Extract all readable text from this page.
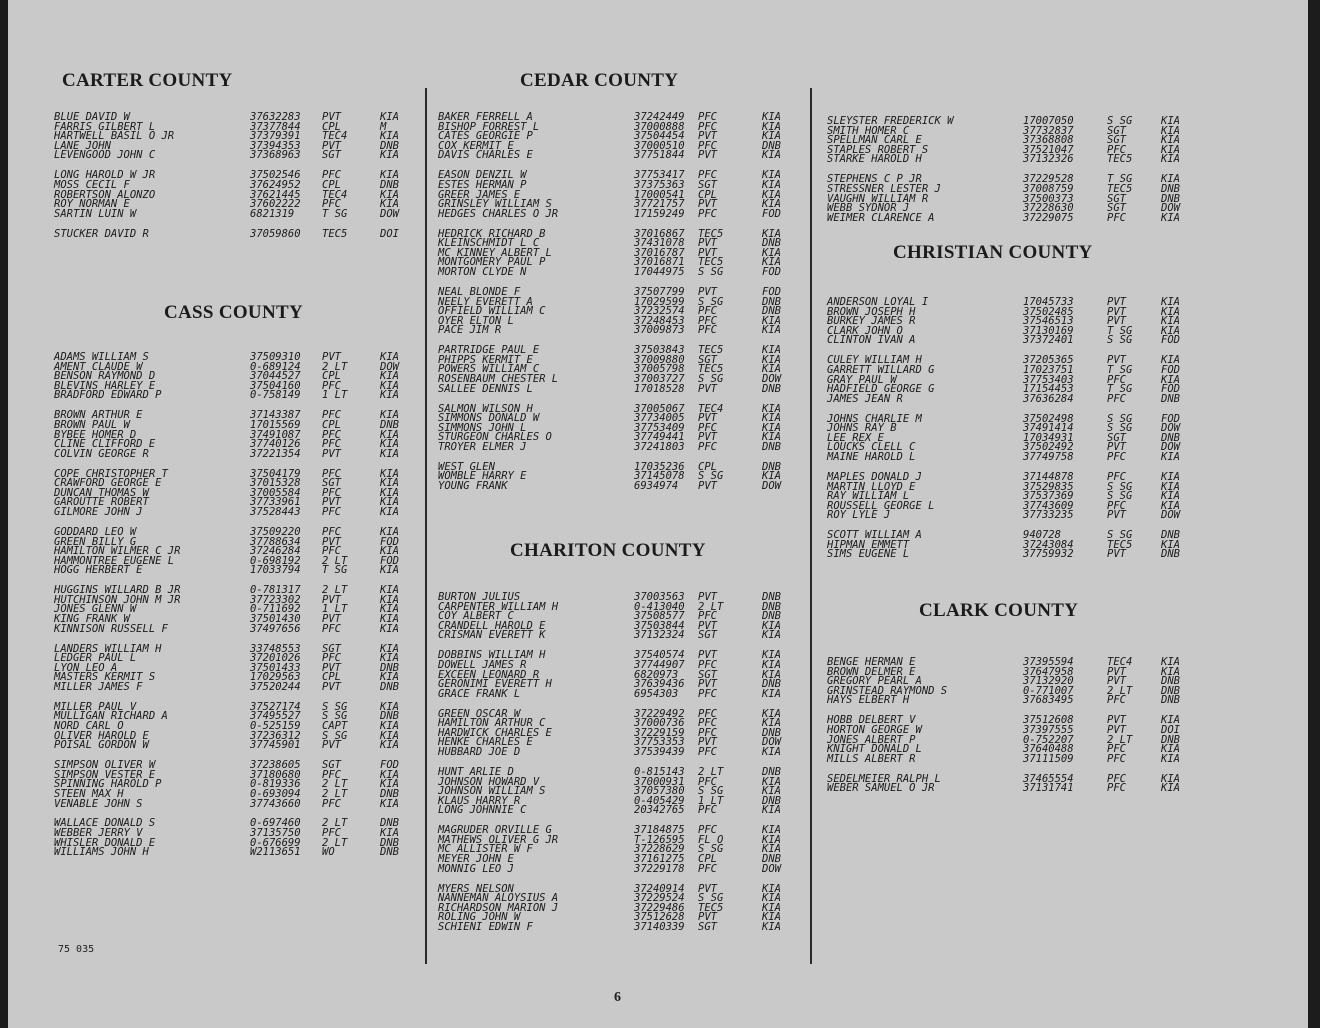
CARTER COUNTY
BLUE DAVID W	37632283 PVT	KIA
FARRIS GILBERT L	37377844 CPL	M
HARTWELL BASIL O JR	37379391 TEC4	KIA
LANE JOHN	37394353 PVT	DNB
LEVENGOOD JOHN C	37368963 SGT	KIA
LONG HAROLD W JR	37502546 PFC	KIA
MOSS CECIL F	37624952 CPL	DNB
ROBERTSON ALONZO	37621445 TEC4	KIA
ROY NORMAN E	37602222 PFC	KIA
SARTIN LUIN W	6821319	T SG	DOW
STUCKER DAVID R	37059860 TEC5	DOI
CASS COUNTY
ADAMS WILLIAM S	37509310 PVT	KIA
AMENT CLAUDE W	0-689124 2 LT	DOW
BENSON RAYMOND D	37044527 CPL	KIA
BLEVINS HARLEY E	37504160 PFC	KIA
BRADFORD EDWARD P	0-758149 1 LT	KIA
BROWN ARTHUR E	37143387 PFC	KIA
BROWN PAUL W	17015569 CPL	DNB
BYBEE HOMER D	37491087 PFC	KIA
CLINE CLIFFORD E	37740126 PFC	KIA
COLVIN GEORGE R	37221354 PVT	KIA
COPE CHRISTOPHER T	37504179 PFC	KIA
CRAWFORD GEORGE E	37015328 SGT	KIA
DUNCAN THOMAS W	37005584 PFC	KIA
GAROUTTE ROBERT	37733961 PVT	KIA
GILMORE JOHN J	37528443 PFC	KIA
GODDARD LEO W	37509220 PFC	KIA
GREEN BILLY G	37788634 PVT	FOD
HAMILTON WILMER C JR	37246284 PFC	KIA
HAMMONTREE EUGENE L	0-698192 2 LT	FOD
HOGG HERBERT E	17033794 T SG	KIA
HUGGINS WILLARD B JR	0-781317 2 LT	KIA
HUTCHINSON JOHN M JR	37723302 PVT	KIA
JONES GLENN W	0-711692 1 LT	KIA
KING FRANK W	37501430 PVT	KIA
KINNISON RUSSELL F	37497656 PFC	KIA
LANDERS WILLIAM H	33748553 SGT	KIA
LEDGER PAUL L	37201026 PFC	KIA
LYON LEO A	37501433 PVT	DNB
MASTERS KERMIT S	17029563 CPL	KIA
MILLER JAMES F	37520244 PVT	DNB
MILLER PAUL V	37527174 S SG	KIA
MULLIGAN RICHARD A	37495527 S SG	DNB
NORD CARL O	0-525159 CAPT	KIA
OLIVER HAROLD E	37236312 S SG	KIA
POISAL GORDON W	37745901 PVT	KIA
SIMPSON OLIVER W	37238605 SGT	FOD
SIMPSON VESTER E	37180680 PFC	KIA
SPINNING HAROLD P	0-819336 2 LT	KIA
STEEN MAX H	0-693094 2 LT	DNB
VENABLE JOHN S	37743660 PFC	KIA
WALLACE DONALD S	0-697460 2 LT	DNB
WEBBER JERRY V	37135750 PFC	KIA
WHISLER DONALD E	0-676699 2 LT	DNB
WILLIAMS JOHN H	W2113651 WO	DNB
CEDAR COUNTY
BAKER FERRELL A	37242449 PFC	KIA
BISHOP FORREST L	37000888 PFC	KIA
CATES GEORGIE P	37504454 PVT	KIA
COX KERMIT E	37000510 PFC	DNB
DAVIS CHARLES E	37751844 PVT	KIA
EASON DENZIL W	37753417 PFC	KIA
ESTES HERMAN P	37375363 SGT	KIA
GREER JAMES E	17000541 CPL	KIA
GRINSLEY WILLIAM S	37721757 PVT	KIA
HEDGES CHARLES O JR	17159249 PFC	FOD
HEDRICK RICHARD B	37016867 TEC5	KIA
KLEINSCHMIDT L C	37431078 PVT	DNB
MC KINNEY ALBERT L	37016787 PVT	KIA
MONTGOMERY PAUL P	37016871 TEC5	KIA
MORTON CLYDE N	17044975 S SG	FOD
NEAL BLONDE F	37507799 PVT	FOD
NEELY EVERETT A	17029599 S SG	DNB
OFFIELD WILLIAM C	37232574 PFC	DNB
OYER ELTON L	37248453 PFC	KIA
PACE JIM R	37009873 PFC	KIA
PARTRIDGE PAUL E	37503843 TEC5	KIA
PHIPPS KERMIT E	37009880 SGT	KIA
POWERS WILLIAM C	37005798 TEC5	KIA
ROSENBAUM CHESTER L	37003727 S SG	DOW
SALLEE DENNIS L	17018528 PVT	DNB
SALMON WILSON H	37005067 TEC4	KIA
SIMMONS DONALD W	37734005 PVT	KIA
SIMMONS JOHN L	37753409 PFC	KIA
STURGEON CHARLES O	37749441 PVT	KIA
TROYER ELMER J	37241803 PFC	DNB
WEST GLEN	17035236 CPL	DNB
WOMBLE HARRY E	37145078 S SG	KIA
YOUNG FRANK	6934974 PVT	DOW
CHARITON COUNTY
BURTON JULIUS	37003563 PVT	DNB
CARPENTER WILLIAM H	0-413040 2 LT	DNB
COY ALBERT C	37508577 PFC	DNB
CRANDELL HAROLD E	37503844 PVT	KIA
CRISMAN EVERETT K	37132324 SGT	KIA
DOBBINS WILLIAM H	37540574 PVT	KIA
DOWELL JAMES R	37744907 PFC	KIA
EXCEEN LEONARD R	6820973 SGT	KIA
GERONIMI EVERETT H	37639436 PVT	DNB
GRACE FRANK L	6954303 PFC	KIA
GREEN OSCAR W	37229492 PFC	KIA
HAMILTON ARTHUR C	37000736 PFC	KIA
HARDWICK CHARLES E	37229159 PFC	DNB
HENKE CHARLES E	37753353 PVT	DOW
HUBBARD JOE D	37539439 PFC	KIA
HUNT ARLIE D	0-815143 2 LT	DNB
JOHNSON HOWARD V	37000931 PFC	KIA
JOHNSON WILLIAM S	37057380 S SG	KIA
KLAUS HARRY R	0-405429 1 LT	DNB
LONG JOHNNIE C	20342765 PFC	KIA
MAGRUDER ORVILLE G	37184875 PFC	KIA
MATHEWS OLIVER G JR	T-126595 FL O	KIA
MC ALLISTER W F	37228629 S SG	KIA
MEYER JOHN E	37161275 CPL	DNB
MONNIG LEO J	37229178 PFC	DOW
MYERS NELSON	37240914 PVT	KIA
NANNEMAN ALOYSIUS A	37229524 S SG	KIA
RICHARDSON MARION J	37229486 TEC5	KIA
ROLING JOHN W	37512628 PVT	KIA
SCHIENI EDWIN F	37140339 SGT	KIA
SLEYSTER FREDERICK W	17007050	S SG	KIA
SMITH HOMER C	37732837	SGT	KIA
SPELLMAN CARL E	37368808	SGT	KIA
STAPLES ROBERT S	37521047	PFC	KIA
STARKE HAROLD H	37132326	TEC5	KIA
STEPHENS C P JR	37229528	T SG	KIA
STRESSNER LESTER J	37008759	TEC5	DNB
VAUGHN WILLIAM R	37500373	SGT	DNB
WEBB SYDNOR J	37228630	SGT	DOW
WEIMER CLARENCE A	37229075	PFC	KIA
CHRISTIAN COUNTY
ANDERSON LOYAL I	17045733	PVT	KIA
BROWN JOSEPH H	37502485	PVT	KIA
BURKEY JAMES R	37546513	PVT	KIA
CLARK JOHN O	37130169	T SG	KIA
CLINTON IVAN A	37372401	S SG	FOD
CULEY WILLIAM H	37205365	PVT	KIA
GARRETT WILLARD G	17023751	T SG	FOD
GRAY PAUL W	37753403	PFC	KIA
HADFIELD GEORGE G	17154453	T SG	FOD
JAMES JEAN R	37636284	PFC	DNB
JOHNS CHARLIE M	37502498	S SG	FOD
JOHNS RAY B	37491414	S SG	DOW
LEE REX E	17034931	SGT	DNB
LOUCKS CLELL C	37502492	PVT	DOW
MAINE HAROLD L	37749758	PFC	KIA
MAPLES DONALD J	37144878	PFC	KIA
MARTIN LLOYD E	37529835	S SG	KIA
RAY WILLIAM L	37537369	S SG	KIA
ROUSSELL GEORGE L	37743609	PFC	KIA
ROY LYLE J	37733235	PVT	DOW
SCOTT WILLIAM A	940728	S SG	DNB
HIPMAN EMMETT	37243084	TEC5	KIA
SIMS EUGENE L	37759932	PVT	DNB
CLARK COUNTY
BENGE HERMAN E	37395594	TEC4	KIA
BROWN DELMER E	37647958	PVT	KIA
GREGORY PEARL A	37132920	PVT	DNB
GRINSTEAD RAYMOND S	0-771007	2 LT	DNB
HAYS ELBERT H	37683495	PFC	DNB
HOBB DELBERT V	37512608	PVT	KIA
HORTON GEORGE W	37397555	PVT	DOI
JONES ALBERT P	0-752207	2 LT	DNB
KNIGHT DONALD L	37640488	PFC	KIA
MILLS ALBERT R	37111509	PFC	KIA
SEDELMEIER RALPH L	37465554	PFC	KIA
WEBER SAMUEL O JR	37131741	PFC	KIA
75 035
6
